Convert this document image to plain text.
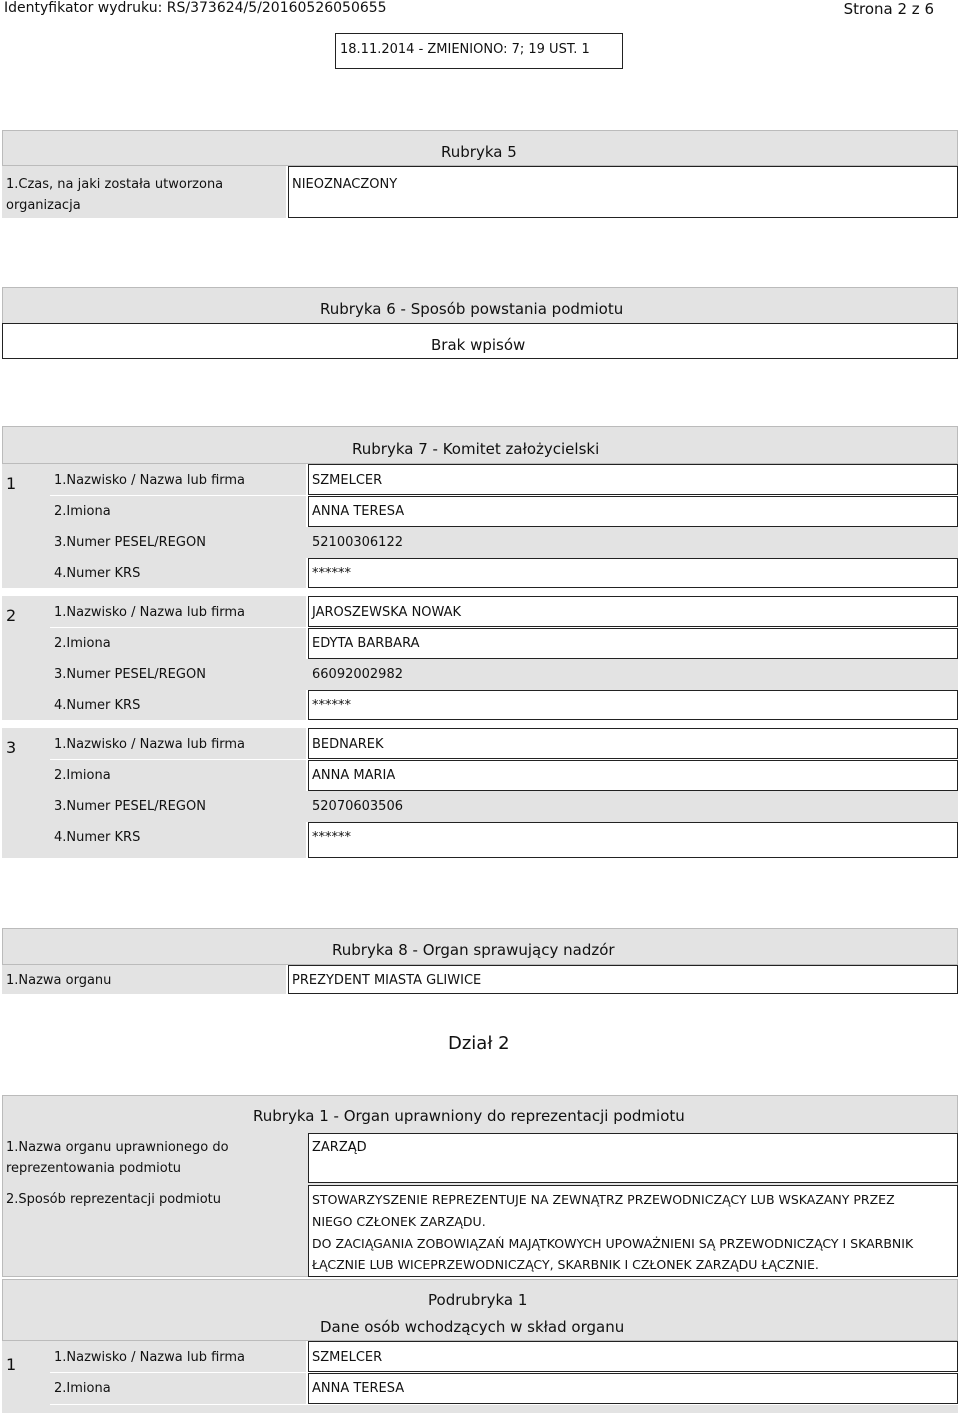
Identyfikator wydruku: RS/373624/5/20160526050655	Strona 2 z 6
18.11.2014 - ZMIENIONO: 7; 19 UST. 1
Rubryka 5
1.Czas, na jaki została utworzona
organizacja
NIEOZNACZONY
Rubryka 6 - Sposób powstania podmiotu
Brak wpisów
Rubryka 7 - Komitet założycielski
1	1.Nazwisko / Nazwa lub firma	SZMELCER
2.Imiona	ANNA TERESA
3.Numer PESEL/REGON	52100306122
4.Numer KRS	******
2	1.Nazwisko / Nazwa lub firma	JAROSZEWSKA NOWAK
2.Imiona	EDYTA BARBARA
3.Numer PESEL/REGON	66092002982
4.Numer KRS	******
3	1.Nazwisko / Nazwa lub firma	BEDNAREK
2.Imiona	ANNA MARIA
3.Numer PESEL/REGON	52070603506
4.Numer KRS	******
Rubryka 8 - Organ sprawujący nadzór
1.Nazwa organu	PREZYDENT MIASTA GLIWICE
Dział 2
Rubryka 1 - Organ uprawniony do reprezentacji podmiotu
1.Nazwa organu uprawnionego do
reprezentowania podmiotu
ZARZĄD
2.Sposób reprezentacji podmiotu	STOWARZYSZENIE REPREZENTUJE NA ZEWNĄTRZ PRZEWODNICZĄCY LUB WSKAZANY PRZEZ
NIEGO CZŁONEK ZARZĄDU.
DO ZACIĄGANIA ZOBOWIĄZAŃ MAJĄTKOWYCH UPOWAŻNIENI SĄ PRZEWODNICZĄCY I SKARBNIK
ŁĄCZNIE LUB WICEPRZEWODNICZĄCY, SKARBNIK I CZŁONEK ZARZĄDU ŁĄCZNIE.
Podrubryka 1
Dane osób wchodzących w skład organu
1	1.Nazwisko / Nazwa lub firma	SZMELCER
2.Imiona	ANNA TERESA
